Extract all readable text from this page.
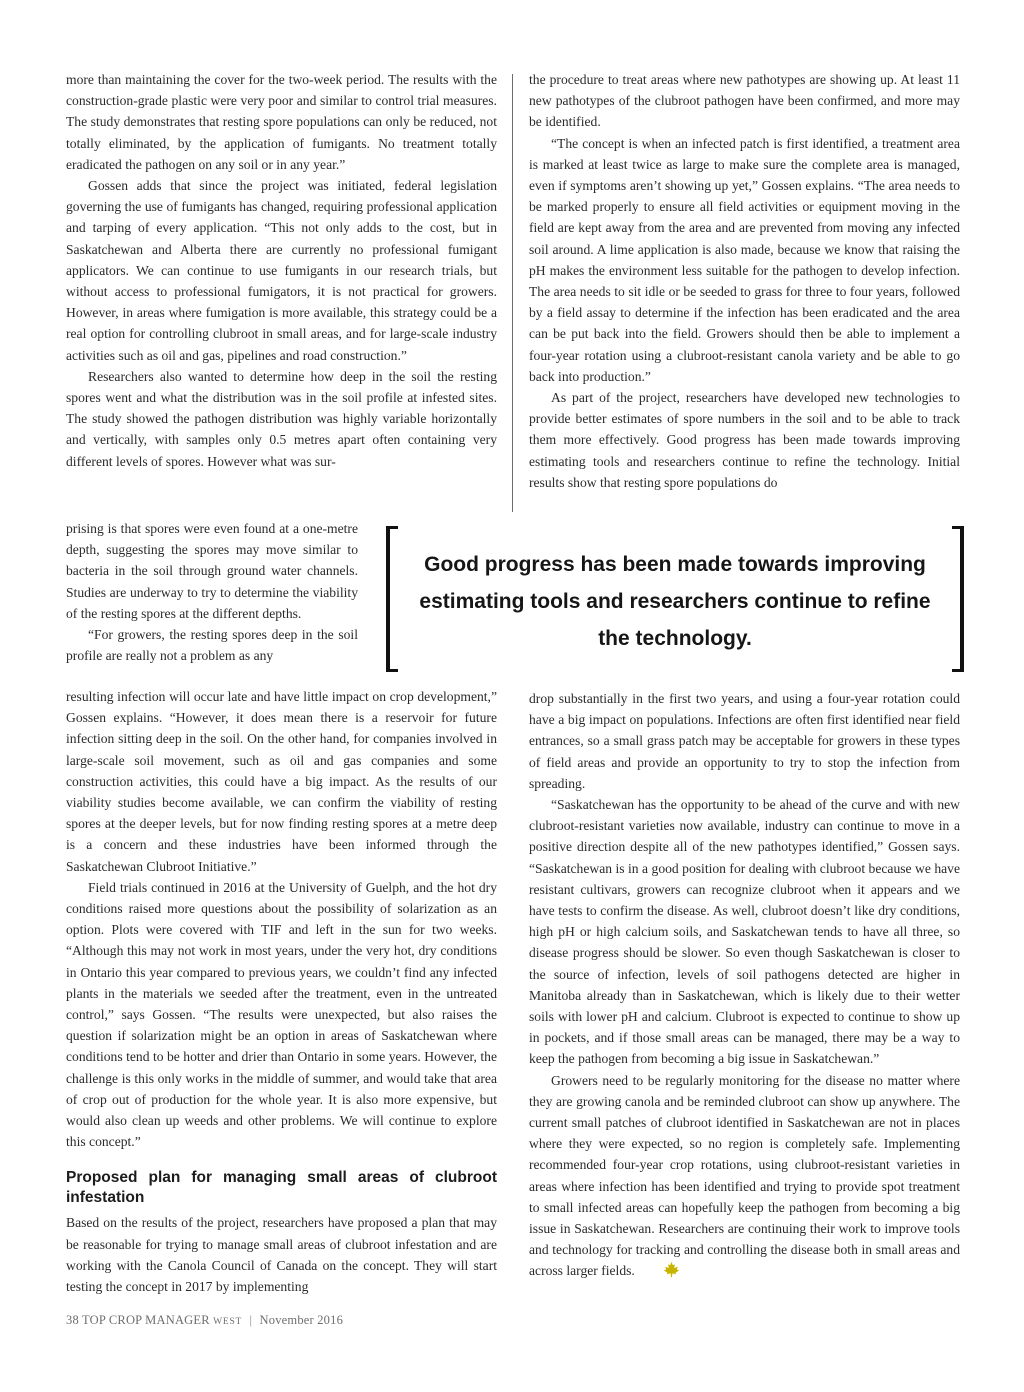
more than maintaining the cover for the two-week period. The results with the construction-grade plastic were very poor and similar to control trial measures. The study demonstrates that resting spore populations can only be reduced, not totally eliminated, by the application of fumigants. No treatment totally eradicated the pathogen on any soil or in any year.”

Gossen adds that since the project was initiated, federal legislation governing the use of fumigants has changed, requiring professional application and tarping of every application. “This not only adds to the cost, but in Saskatchewan and Alberta there are currently no professional fumigant applicators. We can continue to use fumigants in our research trials, but without access to professional fumigators, it is not practical for growers. However, in areas where fumigation is more available, this strategy could be a real option for controlling clubroot in small areas, and for large-scale industry activities such as oil and gas, pipelines and road construction.”

Researchers also wanted to determine how deep in the soil the resting spores went and what the distribution was in the soil profile at infested sites. The study showed the pathogen distribution was highly variable horizontally and vertically, with samples only 0.5 metres apart often containing very different levels of spores. However what was sur-

prising is that spores were even found at a one-metre depth, suggesting the spores may move similar to bacteria in the soil through ground water channels. Studies are underway to try to determine the viability of the resting spores at the different depths.

“For growers, the resting spores deep in the soil profile are really not a problem as any

resulting infection will occur late and have little impact on crop development,” Gossen explains. “However, it does mean there is a reservoir for future infection sitting deep in the soil. On the other hand, for companies involved in large-scale soil movement, such as oil and gas companies and some construction activities, this could have a big impact. As the results of our viability studies become available, we can confirm the viability of resting spores at the deeper levels, but for now finding resting spores at a metre deep is a concern and these industries have been informed through the Saskatchewan Clubroot Initiative.”

Field trials continued in 2016 at the University of Guelph, and the hot dry conditions raised more questions about the possibility of solarization as an option. Plots were covered with TIF and left in the sun for two weeks. “Although this may not work in most years, under the very hot, dry conditions in Ontario this year compared to previous years, we couldn’t find any infected plants in the materials we seeded after the treatment, even in the untreated control,” says Gossen. “The results were unexpected, but also raises the question if solarization might be an option in areas of Saskatchewan where conditions tend to be hotter and drier than Ontario in some years. However, the challenge is this only works in the middle of summer, and would take that area of crop out of production for the whole year. It is also more expensive, but would also clean up weeds and other problems. We will continue to explore this concept.”

Proposed plan for managing small areas of clubroot infestation

Based on the results of the project, researchers have proposed a plan that may be reasonable for trying to manage small areas of clubroot infestation and are working with the Canola Council of Canada on the concept. They will start testing the concept in 2017 by implementing

the procedure to treat areas where new pathotypes are showing up. At least 11 new pathotypes of the clubroot pathogen have been confirmed, and more may be identified.

“The concept is when an infected patch is first identified, a treatment area is marked at least twice as large to make sure the complete area is managed, even if symptoms aren’t showing up yet,” Gossen explains. “The area needs to be marked properly to ensure all field activities or equipment moving in the field are kept away from the area and are prevented from moving any infected soil around. A lime application is also made, because we know that raising the pH makes the environment less suitable for the pathogen to develop infection. The area needs to sit idle or be seeded to grass for three to four years, followed by a field assay to determine if the infection has been eradicated and the area can be put back into the field. Growers should then be able to implement a four-year rotation using a clubroot-resistant canola variety and be able to go back into production.”

As part of the project, researchers have developed new technologies to provide better estimates of spore numbers in the soil and to be able to track them more effectively. Good progress has been made towards improving estimating tools and researchers continue to refine the technology. Initial results show that resting spore populations do

Good progress has been made towards improving estimating tools and researchers continue to refine the technology.

drop substantially in the first two years, and using a four-year rotation could have a big impact on populations. Infections are often first identified near field entrances, so a small grass patch may be acceptable for growers in these types of field areas and provide an opportunity to try to stop the infection from spreading.

“Saskatchewan has the opportunity to be ahead of the curve and with new clubroot-resistant varieties now available, industry can continue to move in a positive direction despite all of the new pathotypes identified,” Gossen says. “Saskatchewan is in a good position for dealing with clubroot because we have resistant cultivars, growers can recognize clubroot when it appears and we have tests to confirm the disease. As well, clubroot doesn’t like dry conditions, high pH or high calcium soils, and Saskatchewan tends to have all three, so disease progress should be slower. So even though Saskatchewan is closer to the source of infection, levels of soil pathogens detected are higher in Manitoba already than in Saskatchewan, which is likely due to their wetter soils with lower pH and calcium. Clubroot is expected to continue to show up in pockets, and if those small areas can be managed, there may be a way to keep the pathogen from becoming a big issue in Saskatchewan.”

Growers need to be regularly monitoring for the disease no matter where they are growing canola and be reminded clubroot can show up anywhere. The current small patches of clubroot identified in Saskatchewan are not in places where they were expected, so no region is completely safe. Implementing recommended four-year crop rotations, using clubroot-resistant varieties in areas where infection has been identified and trying to provide spot treatment to small infected areas can hopefully keep the pathogen from becoming a big issue in Saskatchewan. Researchers are continuing their work to improve tools and technology for tracking and controlling the disease both in small areas and across larger fields.

38 TOP CROP MANAGER WEST | November 2016
